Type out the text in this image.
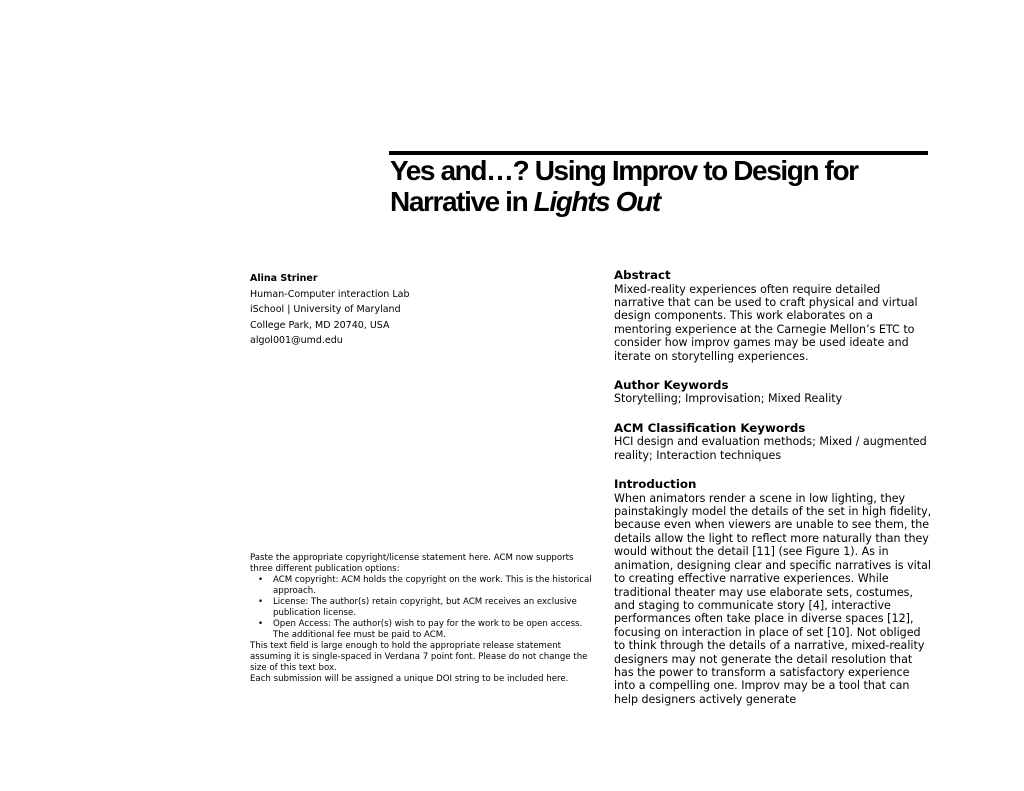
Yes and…? Using Improv to Design for Narrative in Lights Out
Alina Striner
Human-Computer interaction Lab
iSchool | University of Maryland
College Park, MD 20740, USA
algol001@umd.edu
Paste the appropriate copyright/license statement here. ACM now supports three different publication options:
• ACM copyright: ACM holds the copyright on the work. This is the historical approach.
• License: The author(s) retain copyright, but ACM receives an exclusive publication license.
• Open Access: The author(s) wish to pay for the work to be open access. The additional fee must be paid to ACM.
This text field is large enough to hold the appropriate release statement assuming it is single-spaced in Verdana 7 point font. Please do not change the size of this text box.
Each submission will be assigned a unique DOI string to be included here.
Abstract

Mixed-reality experiences often require detailed narrative that can be used to craft physical and virtual design components. This work elaborates on a mentoring experience at the Carnegie Mellon’s ETC to consider how improv games may be used ideate and iterate on storytelling experiences.

Author Keywords

Storytelling; Improvisation; Mixed Reality

ACM Classification Keywords

HCI design and evaluation methods; Mixed / augmented reality; Interaction techniques

Introduction

When animators render a scene in low lighting, they painstakingly model the details of the set in high fidelity, because even when viewers are unable to see them, the details allow the light to reflect more naturally than they would without the detail [11] (see Figure 1). As in animation, designing clear and specific narratives is vital to creating effective narrative experiences. While traditional theater may use elaborate sets, costumes, and staging to communicate story [4], interactive performances often take place in diverse spaces [12], focusing on interaction in place of set [10]. Not obliged to think through the details of a narrative, mixed-reality designers may not generate the detail resolution that has the power to transform a satisfactory experience into a compelling one. Improv may be a tool that can help designers actively generate
